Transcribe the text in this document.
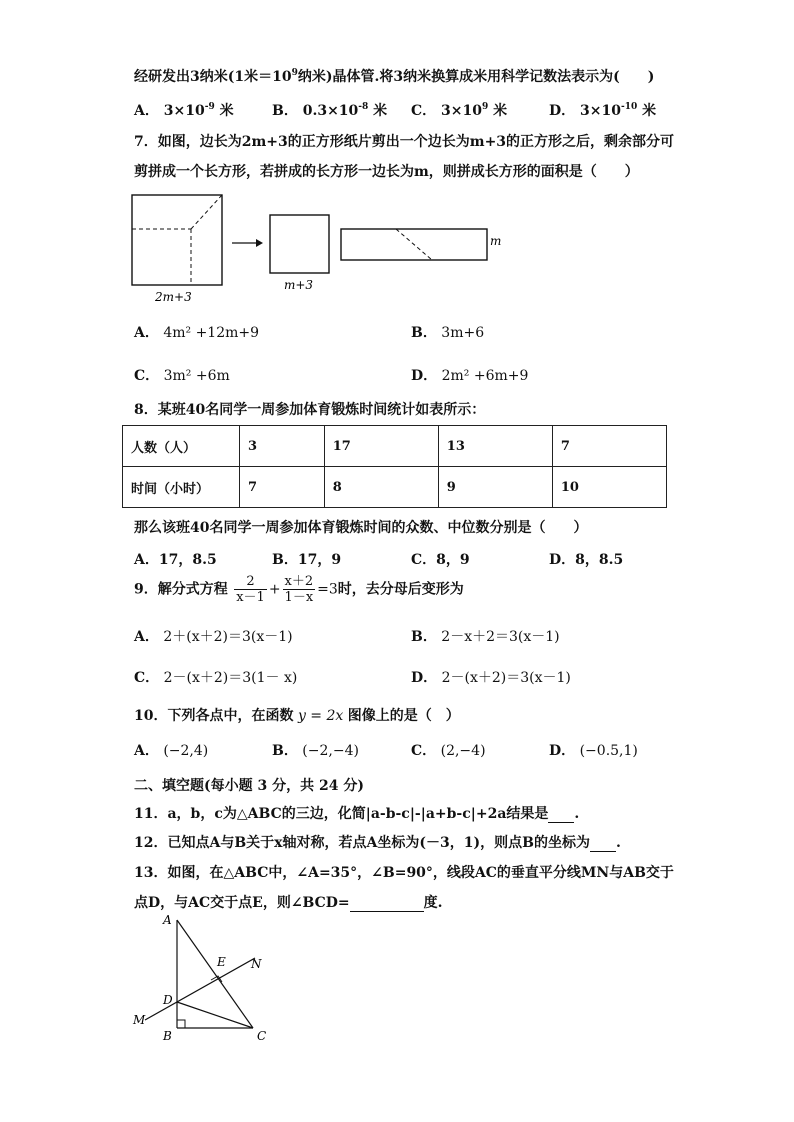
经研发出3纳米(1米$=10^9$纳米)晶体管.将3纳米换算成米用科学记数法表示为(　　)
A． $3\times 10^{-9}$ 米	B． $0.3\times 10^{-8}$ 米 C． $3\times 10^9$ 米	D． $3\times 10^{-10}$ 米
7．如图，边长为2m+3的正方形纸片剪出一个边长为m+3的正方形之后，剩余部分可
剪拼成一个长方形，若拼成的长方形一边长为m，则拼成长方形的面积是（　　）
2m+3
m+3
m
A． 4m² +12m+9	B． 3m+6
C． 3m² +6m	D． 2m² +6m+9
8．某班40名同学一周参加体育锻炼时间统计如表所示：
人数（人）	3	17	13	7
时间（小时）	7	8	9	10
那么该班40名同学一周参加体育锻炼时间的众数、中位数分别是（　　）
A．17，8.5	B．17，9	C．8，9	D．8，8.5
9．解分式方程 $\frac{2}{x-1} + \frac{x+2}{1-x} =3$时，去分母后变形为
A． 2＋(x＋2)＝3(x－1)	B． 2－x＋2＝3(x－1)
C． 2－(x＋2)＝3(1－ x)	D． 2－(x＋2)＝3(x－1)
10．下列各点中，在函数 y = 2x 图像上的是（　）
A． (−2,4)	B． (−2,−4)	C． (2,−4)	D． (−0.5,1)
二、填空题(每小题 3 分，共 24 分)
11．a，b，c为△ABC的三边，化简|a-b-c|-|a+b-c|+2a结果是 .
12．已知点A与B关于x轴对称，若点A坐标为(－3，1)，则点B的坐标为 .
13．如图，在△ABC中，∠A=35°，∠B=90°，线段AC的垂直平分线MN与AB交于
点D，与AC交于点E，则∠BCD=	度.
A
B	C
D
E
M
N
